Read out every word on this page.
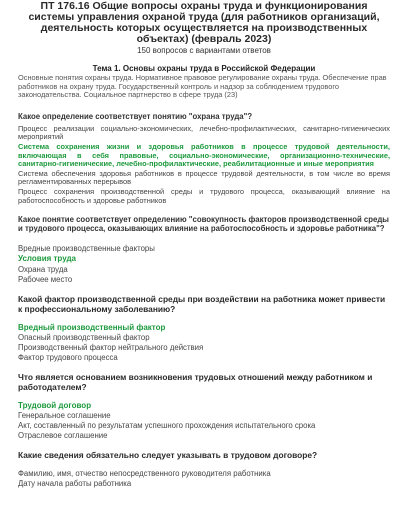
ПТ 176.16 Общие вопросы охраны труда и функционирования системы управления охраной труда (для работников организаций, деятельность которых осуществляется на производственных объектах) (февраль 2023)
150 вопросов с вариантами ответов
Тема 1. Основы охраны труда в Российской Федерации
Основные понятия охраны труда. Нормативное правовое регулирование охраны труда. Обеспечение прав работников на охрану труда. Государственный контроль и надзор за соблюдением трудового законодательства. Социальное партнерство в сфере труда (23)
Какое определение соответствует понятию "охрана труда"?
Процесс реализации социально-экономических, лечебно-профилактических, санитарно-гигиенических мероприятий
Система сохранения жизни и здоровья работников в процессе трудовой деятельности, включающая в себя правовые, социально-экономические, организационно-технические, санитарно-гигиенические, лечебно-профилактические, реабилитационные и иные мероприятия
Система обеспечения здоровья работников в процессе трудовой деятельности, в том числе во время регламентированных перерывов
Процесс сохранения производственной среды и трудового процесса, оказывающий влияние на работоспособность и здоровье работников
Какое понятие соответствует определению "совокупность факторов производственной среды и трудового процесса, оказывающих влияние на работоспособность и здоровье работника"?
Вредные производственные факторы
Условия труда
Охрана труда
Рабочее место
Какой фактор производственной среды при воздействии на работника может привести к профессиональному заболеванию?
Вредный производственный фактор
Опасный производственный фактор
Производственный фактор нейтрального действия
Фактор трудового процесса
Что является основанием возникновения трудовых отношений между работником и работодателем?
Трудовой договор
Генеральное соглашение
Акт, составленный по результатам успешного прохождения испытательного срока
Отраслевое соглашение
Какие сведения обязательно следует указывать в трудовом договоре?
Фамилию, имя, отчество непосредственного руководителя работника
Дату начала работы работника
